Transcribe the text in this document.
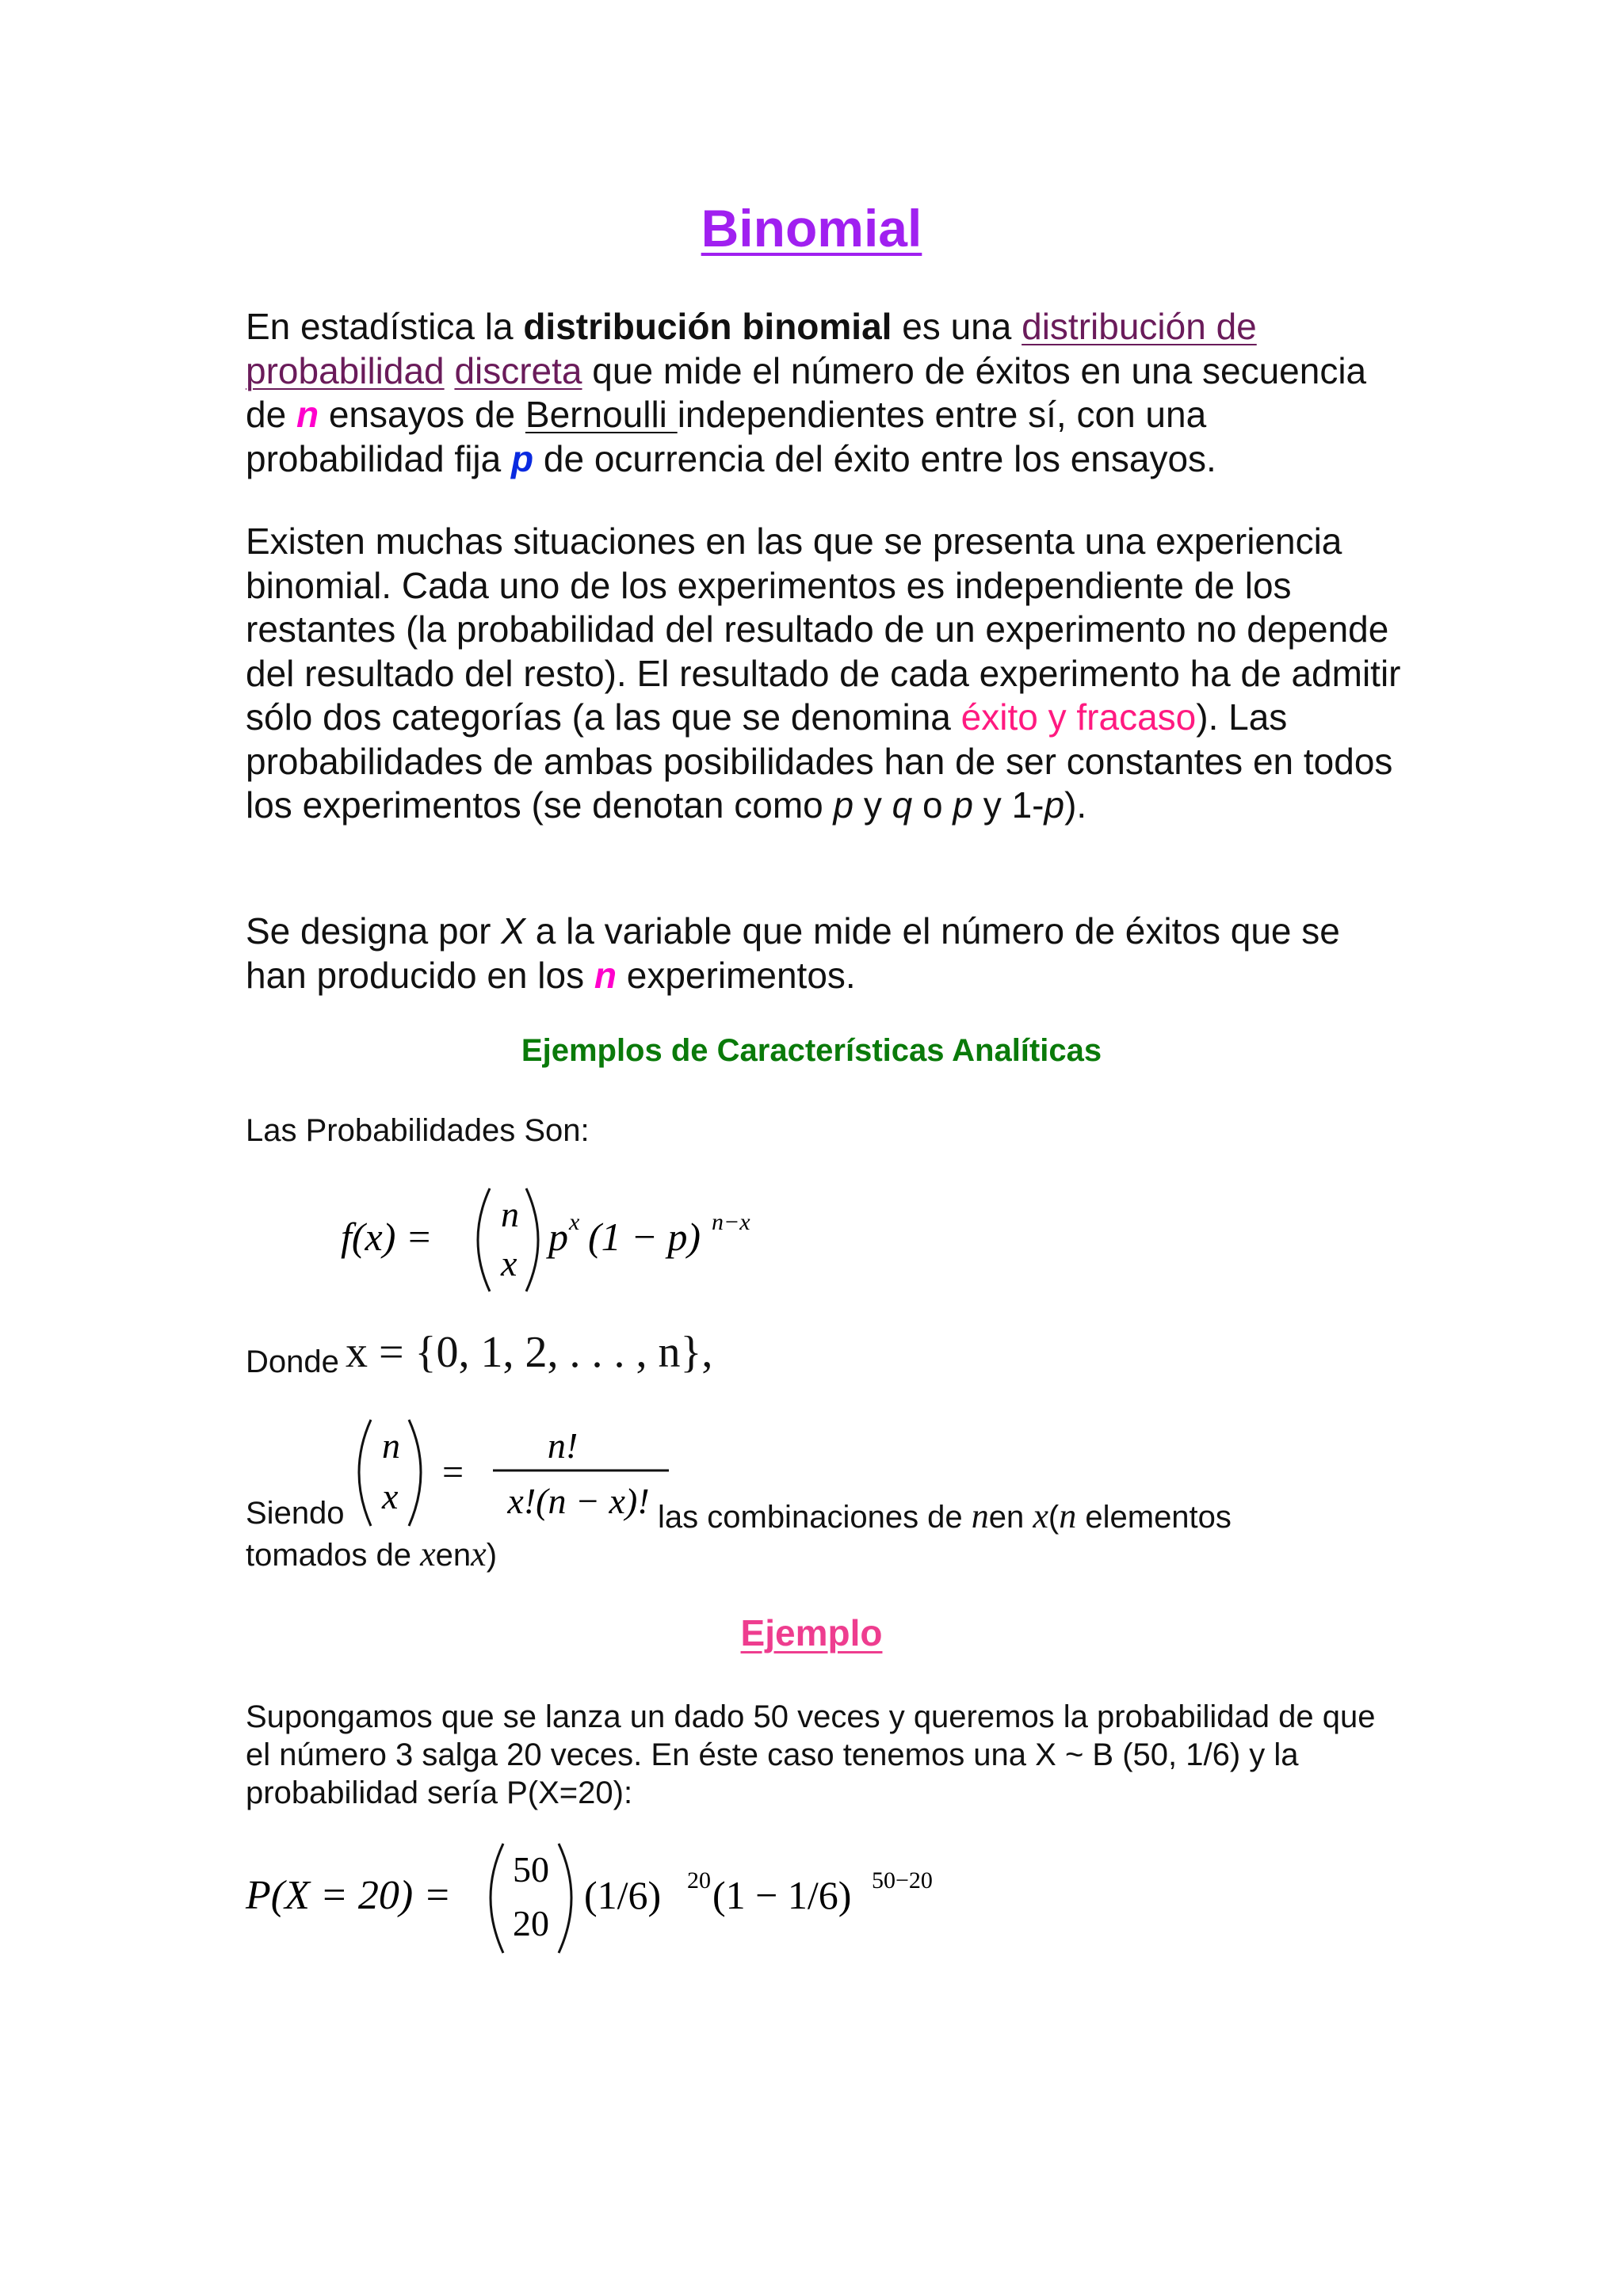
Binomial

En estadística la distribución binomial es una distribución de probabilidad discreta que mide el número de éxitos en una secuencia de n ensayos de Bernoulli independientes entre sí, con una probabilidad fija p de ocurrencia del éxito entre los ensayos.

Existen muchas situaciones en las que se presenta una experiencia binomial. Cada uno de los experimentos es independiente de los restantes (la probabilidad del resultado de un experimento no depende del resultado del resto). El resultado de cada experimento ha de admitir sólo dos categorías (a las que se denomina éxito y fracaso). Las probabilidades de ambas posibilidades han de ser constantes en todos los experimentos (se denotan como p y q o p y 1-p).

Se designa por X a la variable que mide el número de éxitos que se han producido en los n experimentos.

Ejemplos de Características Analíticas

Las Probabilidades Son:

f(x) =
n
x
p x (1 − p) n−x
Donde x = {0, 1, 2, . . . , n},
Siendo
n
x
=
n!
x!(n − x)! las combinaciones de nen x(n elementos
tomados de xenx)
Ejemplo

Supongamos que se lanza un dado 50 veces y queremos la probabilidad de que el número 3 salga 20 veces. En éste caso tenemos una X ~ B (50, 1/6) y la probabilidad sería P(X=20):

P(X = 20) =
50
20
(1/6) 20 (1 − 1/6) 50−20
